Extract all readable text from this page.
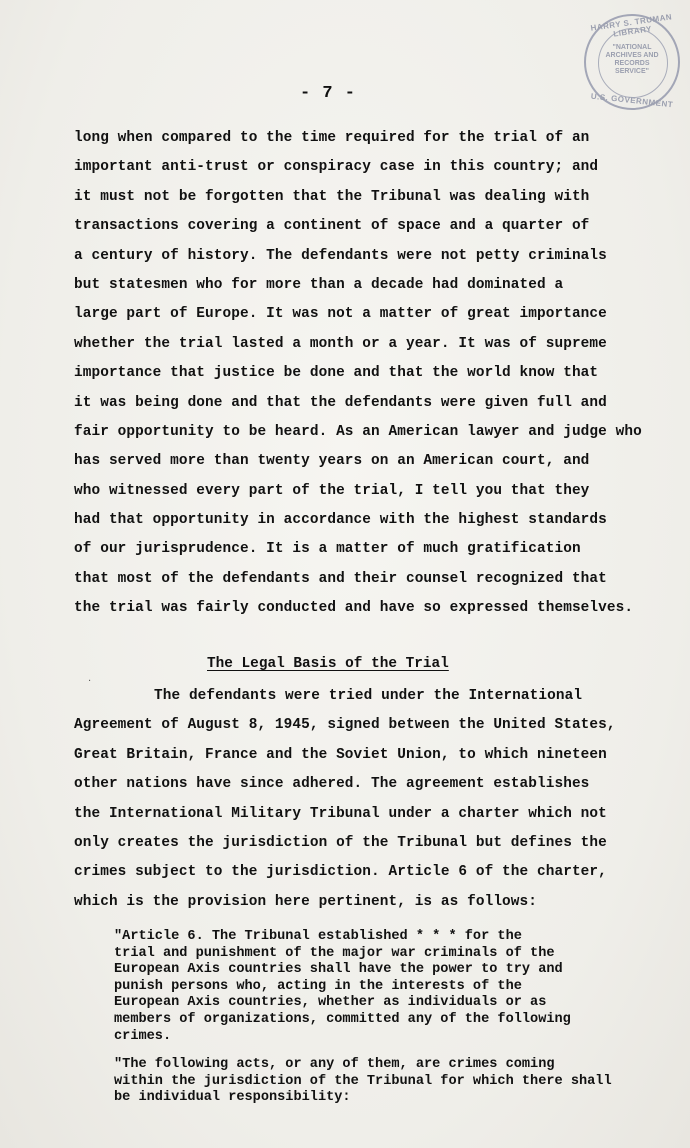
HARRY S. TRUMAN LIBRARY
"NATIONAL
ARCHIVES AND
RECORDS
SERVICE"
U.S. GOVERNMENT
- 7 -
long when compared to the time required for the trial of an
important anti-trust or conspiracy case in this country; and
it must not be forgotten that the Tribunal was dealing with
transactions covering a continent of space and a quarter of
a century of history. The defendants were not petty criminals
but statesmen who for more than a decade had dominated a
large part of Europe. It was not a matter of great importance
whether the trial lasted a month or a year. It was of supreme
importance that justice be done and that the world know that
it was being done and that the defendants were given full and
fair opportunity to be heard. As an American lawyer and judge who
has served more than twenty years on an American court, and
who witnessed every part of the trial, I tell you that they
had that opportunity in accordance with the highest standards
of our jurisprudence. It is a matter of much gratification
that most of the defendants and their counsel recognized that
the trial was fairly conducted and have so expressed themselves.
The Legal Basis of the Trial
·
The defendants were tried under the International
Agreement of August 8, 1945, signed between the United States,
Great Britain, France and the Soviet Union, to which nineteen
other nations have since adhered. The agreement establishes
the International Military Tribunal under a charter which not
only creates the jurisdiction of the Tribunal but defines the
crimes subject to the jurisdiction. Article 6 of the charter,
which is the provision here pertinent, is as follows:
"Article 6. The Tribunal established * * * for the
trial and punishment of the major war criminals of the
European Axis countries shall have the power to try and
punish persons who, acting in the interests of the
European Axis countries, whether as individuals or as
members of organizations, committed any of the following
crimes.
"The following acts, or any of them, are crimes coming
within the jurisdiction of the Tribunal for which there shall
be individual responsibility:
